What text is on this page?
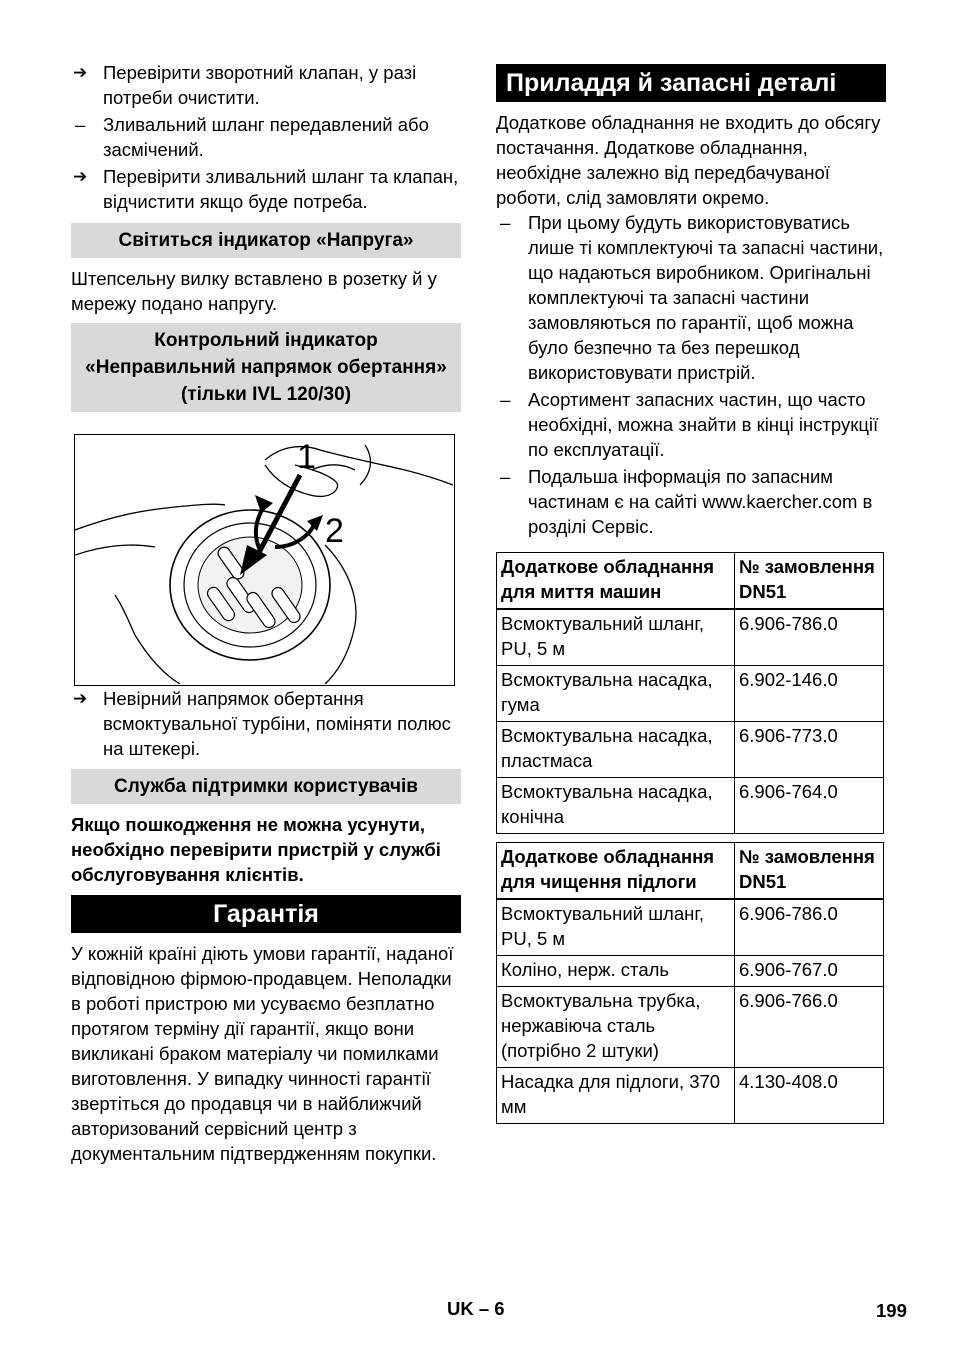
➔ Перевірити зворотний клапан, у разі потреби очистити.
– Зливальний шланг передавлений або засмічений.
➔ Перевірити зливальний шланг та клапан, відчистити якщо буде потреба.
Світиться індикатор «Напруга»
Штепсельну вилку вставлено в розетку й у мережу подано напругу.
Контрольний індикатор «Неправильний напрямок обертання» (тільки IVL 120/30)
1
2
➔ Невірний напрямок обертання всмоктувальної турбіни, поміняти полюс на штекері.
Служба підтримки користувачів
Якщо пошкодження не можна усунути, необхідно перевірити пристрій у службі обслуговування клієнтів.
Гарантія
У кожній країні діють умови гарантії, наданої відповідною фірмою-продавцем. Неполадки в роботі пристрою ми усуваємо безплатно протягом терміну дії гарантії, якщо вони викликані браком матеріалу чи помилками виготовлення. У випадку чинності гарантії звертіться до продавця чи в найближчий авторизований сервісний центр з документальним підтвердженням покупки.
Приладдя й запасні деталі
Додаткове обладнання не входить до обсягу постачання. Додаткове обладнання, необхідне залежно від передбачуваної роботи, слід замовляти окремо.
– При цьому будуть використовуватись лише ті комплектуючі та запасні частини, що надаються виробником. Оригінальні комплектуючі та запасні частини замовляються по гарантії, щоб можна було безпечно та без перешкод використовувати пристрій.
– Асортимент запасних частин, що часто необхідні, можна знайти в кінці інструкції по експлуатації.
– Подальша інформація по запасним частинам є на сайті www.kaercher.com в розділі Сервіс.
Додаткове обладнання для миття машин	№ замовлення DN51
Всмоктувальний шланг, PU, 5 м	6.906-786.0
Всмоктувальна насадка, гума	6.902-146.0
Всмоктувальна насадка, пластмаса	6.906-773.0
Всмоктувальна насадка, конічна	6.906-764.0
Додаткове обладнання для чищення підлоги	№ замовлення DN51
Всмоктувальний шланг, PU, 5 м	6.906-786.0
Коліно, нерж. сталь	6.906-767.0
Всмоктувальна трубка, нержавіюча сталь (потрібно 2 штуки)	6.906-766.0
Насадка для підлоги, 370 мм	4.130-408.0
UK – 6	199
